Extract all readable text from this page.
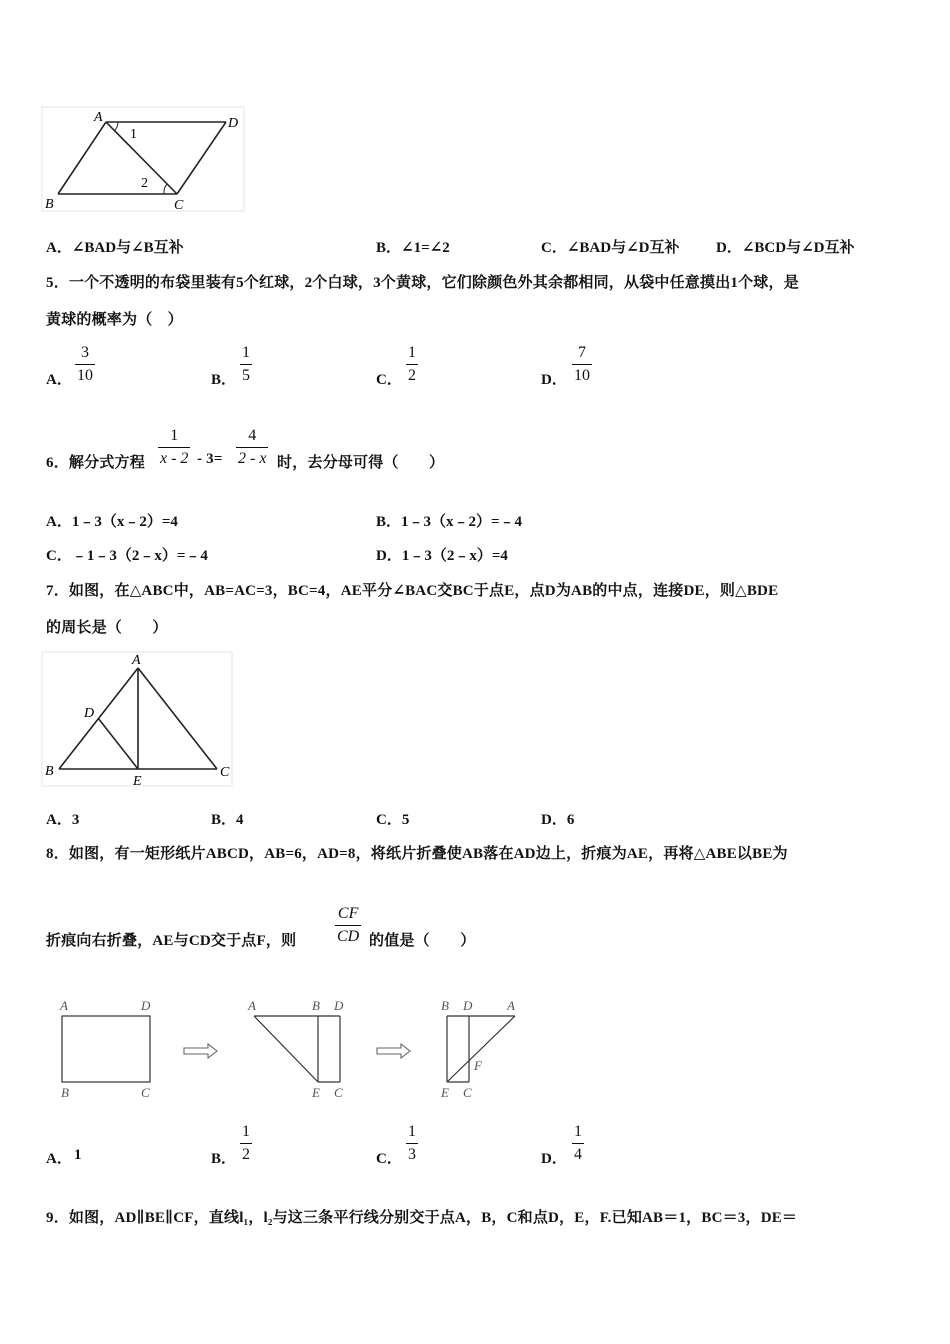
A	D
B	C
1
2
A．∠BAD与∠B互补	B．∠1=∠2	C．∠BAD与∠D互补 D．∠BCD与∠D互补
5．一个不透明的布袋里装有5个红球，2个白球，3个黄球，它们除颜色外其余都相同，从袋中任意摸出1个球，是
黄球的概率为（　）
A． $\frac{3}{10}$	B． $\frac{1}{5}$	C． $\frac{1}{2}$	D． $\frac{7}{10}$
6．解分式方程 $\frac{1}{x - 2} - 3= \frac{4}{2 - x}$ 时，去分母可得（　　）
A．1﹣3（x﹣2）=4	B．1﹣3（x﹣2）=﹣4
C．﹣1﹣3（2﹣x）=﹣4	D．1﹣3（2﹣x）=4
7．如图，在△ABC中，AB=AC=3，BC=4，AE平分∠BAC交BC于点E，点D为AB的中点，连接DE，则△BDE
的周长是（　　）
A
D
B	C
E
A．3	B．4	C．5	D．6
8．如图，有一矩形纸片ABCD，AB=6，AD=8，将纸片折叠使AB落在AD边上，折痕为AE，再将△ABE以BE为
折痕向右折叠，AE与CD交于点F，则 $\frac{CF}{CD}$ 的值是（　　）
A	D
B	C
A	B D
E C
B D	A
F
E C
A． 1	B． $\frac{1}{2}$	C． $\frac{1}{3}$	D． $\frac{1}{4}$
9．如图，AD∥BE∥CF，直线l₁，l₂与这三条平行线分别交于点A，B，C和点D，E，F.已知AB＝1，BC＝3，DE＝
